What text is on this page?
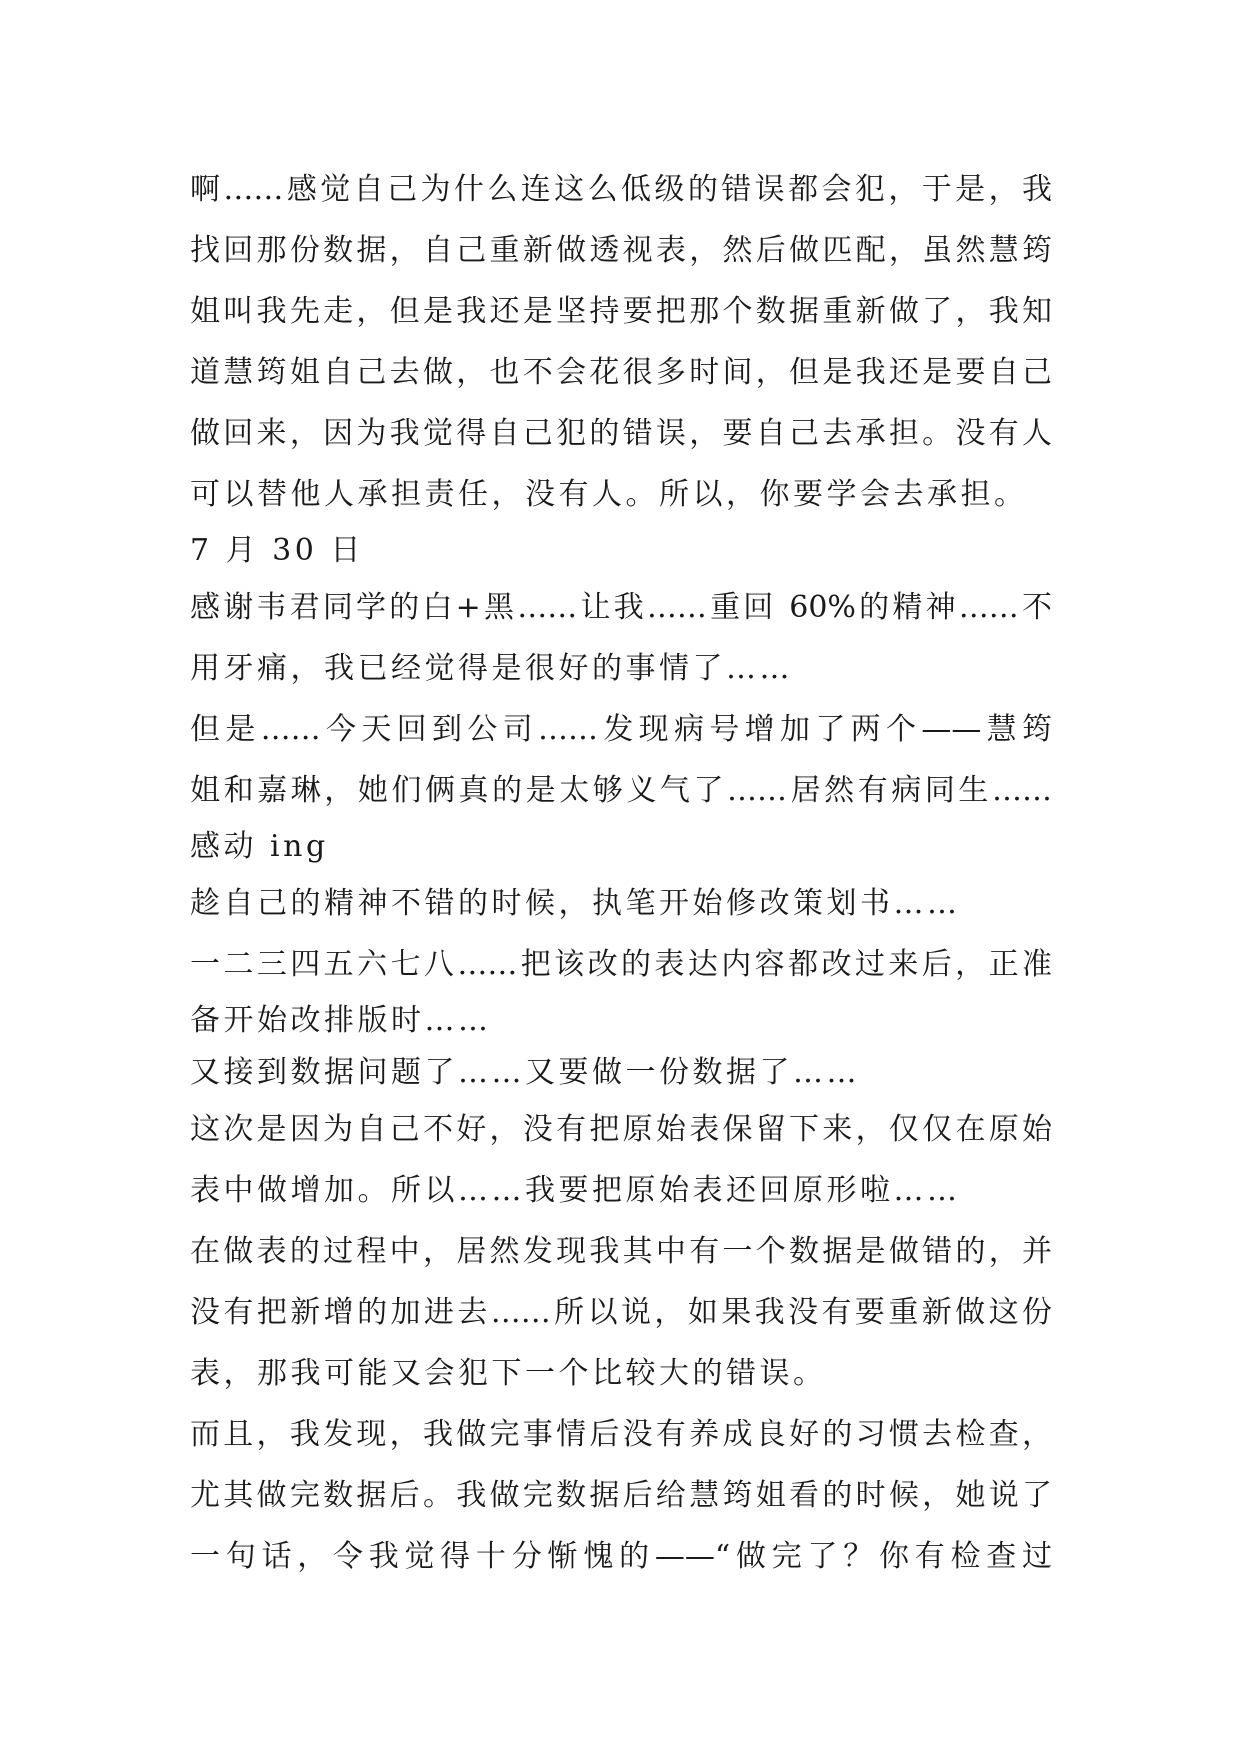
啊……感觉自己为什么连这么低级的错误都会犯，于是，我
找回那份数据，自己重新做透视表，然后做匹配，虽然慧筠
姐叫我先走，但是我还是坚持要把那个数据重新做了，我知
道慧筠姐自己去做，也不会花很多时间，但是我还是要自己
做回来，因为我觉得自己犯的错误，要自己去承担。没有人
可以替他人承担责任，没有人。所以，你要学会去承担。
7 月 30 日
感谢韦君同学的白+黑……让我……重回 60%的精神……不
用牙痛，我已经觉得是很好的事情了……
但是……今天回到公司……发现病号增加了两个——慧筠
姐和嘉琳，她们俩真的是太够义气了……居然有病同生……
感动 ing
趁自己的精神不错的时候，执笔开始修改策划书……
一二三四五六七八……把该改的表达内容都改过来后，正准
备开始改排版时……
又接到数据问题了……又要做一份数据了……
这次是因为自己不好，没有把原始表保留下来，仅仅在原始
表中做增加。所以……我要把原始表还回原形啦……
在做表的过程中，居然发现我其中有一个数据是做错的，并
没有把新增的加进去……所以说，如果我没有要重新做这份
表，那我可能又会犯下一个比较大的错误。
而且，我发现，我做完事情后没有养成良好的习惯去检查，
尤其做完数据后。我做完数据后给慧筠姐看的时候，她说了
一句话，令我觉得十分惭愧的——“做完了？你有检查过
